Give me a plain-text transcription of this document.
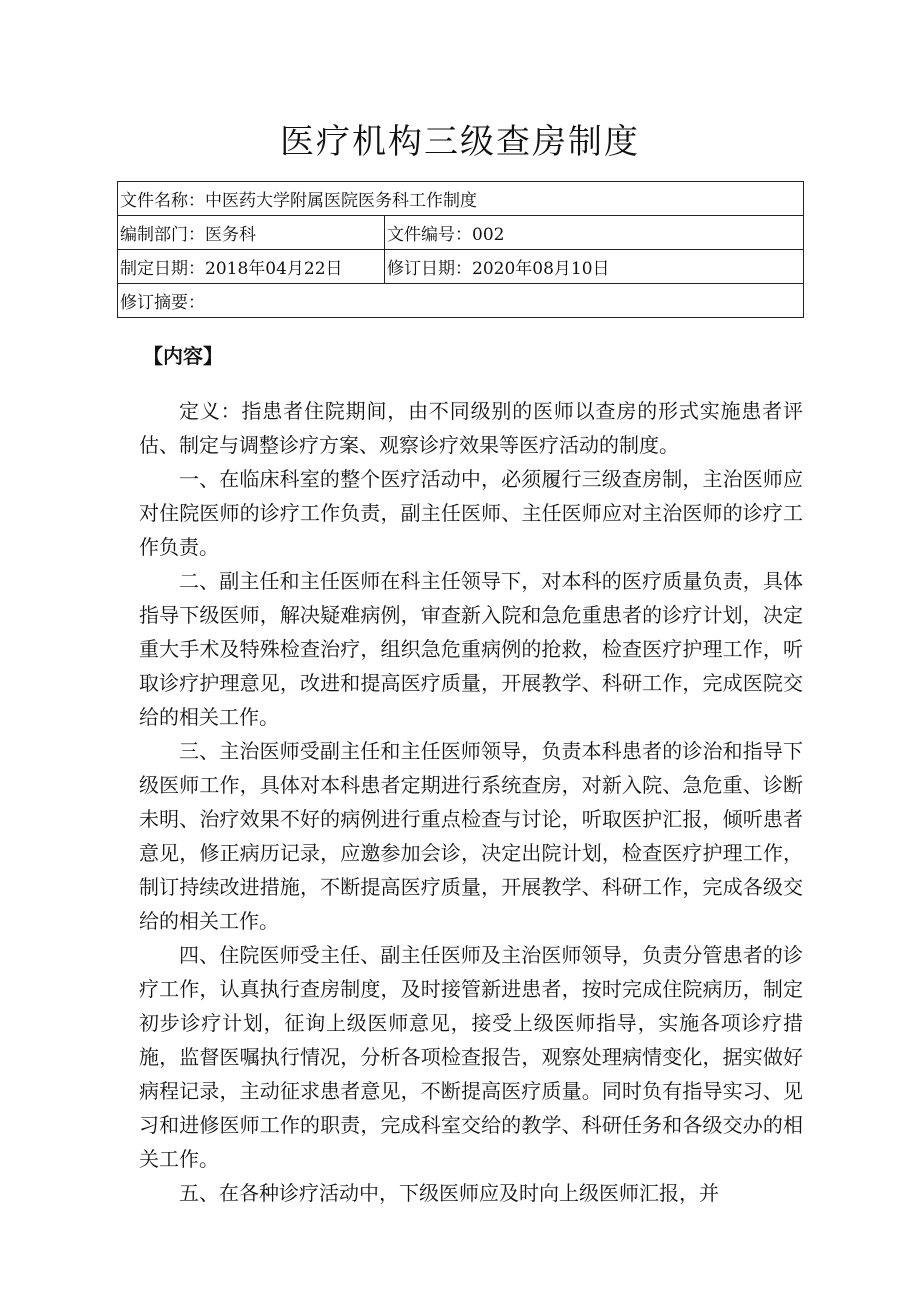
医疗机构三级查房制度
文件名称：中医药大学附属医院医务科工作制度	
编制部门：医务科	文件编号：002
制定日期：2018年04月22日	修订日期：2020年08月10日
修订摘要：	
【内容】

定义：指患者住院期间，由不同级别的医师以查房的形式实施患者评估、制定与调整诊疗方案、观察诊疗效果等医疗活动的制度。

一、在临床科室的整个医疗活动中，必须履行三级查房制，主治医师应对住院医师的诊疗工作负责，副主任医师、主任医师应对主治医师的诊疗工作负责。

二、副主任和主任医师在科主任领导下，对本科的医疗质量负责，具体指导下级医师，解决疑难病例，审查新入院和急危重患者的诊疗计划，决定重大手术及特殊检查治疗，组织急危重病例的抢救，检查医疗护理工作，听取诊疗护理意见，改进和提高医疗质量，开展教学、科研工作，完成医院交给的相关工作。

三、主治医师受副主任和主任医师领导，负责本科患者的诊治和指导下级医师工作，具体对本科患者定期进行系统查房，对新入院、急危重、诊断未明、治疗效果不好的病例进行重点检查与讨论，听取医护汇报，倾听患者意见，修正病历记录，应邀参加会诊，决定出院计划，检查医疗护理工作，制订持续改进措施，不断提高医疗质量，开展教学、科研工作，完成各级交给的相关工作。

四、住院医师受主任、副主任医师及主治医师领导，负责分管患者的诊疗工作，认真执行查房制度，及时接管新进患者，按时完成住院病历，制定初步诊疗计划，征询上级医师意见，接受上级医师指导，实施各项诊疗措施，监督医嘱执行情况，分析各项检查报告，观察处理病情变化，据实做好病程记录，主动征求患者意见，不断提高医疗质量。同时负有指导实习、见习和进修医师工作的职责，完成科室交给的教学、科研任务和各级交办的相关工作。

五、在各种诊疗活动中，下级医师应及时向上级医师汇报，并
